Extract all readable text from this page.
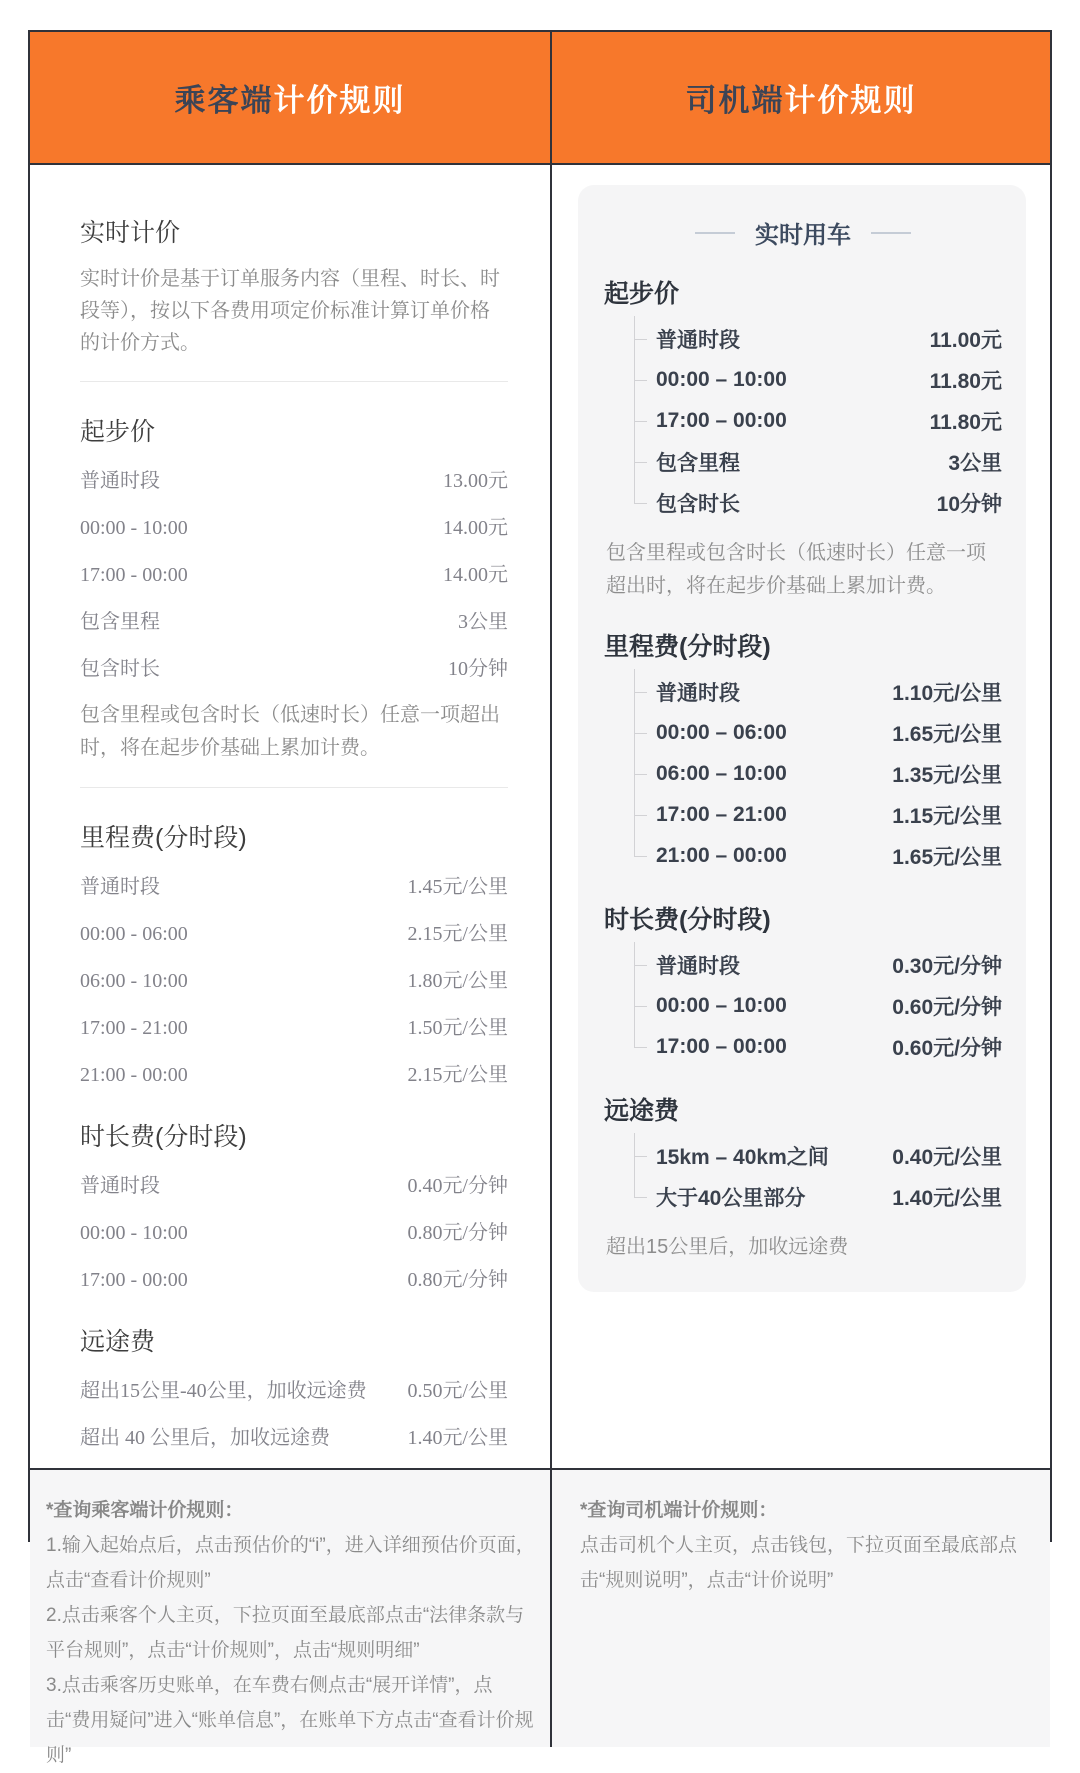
乘客端计价规则	司机端计价规则
实时计价

实时计价是基于订单服务内容（里程、时长、时段等），按以下各费用项定价标准计算订单价格的计价方式。

起步价
普通时段	13.00元
00:00 - 10:00	14.00元
17:00 - 00:00	14.00元
包含里程	3公里
包含时长	10分钟

包含里程或包含时长（低速时长）任意一项超出时，将在起步价基础上累加计费。

里程费(分时段)
普通时段	1.45元/公里
00:00 - 06:00	2.15元/公里
06:00 - 10:00	1.80元/公里
17:00 - 21:00	1.50元/公里
21:00 - 00:00	2.15元/公里
时长费(分时段)
普通时段	0.40元/分钟
00:00 - 10:00	0.80元/分钟
17:00 - 00:00	0.80元/分钟
远途费
超出15公里-40公里，加收远途费 0.50元/公里
超出 40 公里后，加收远途费	1.40元/公里
实时用车
起步价
普通时段	11.00元
00:00 – 10:00	11.80元
17:00 – 00:00	11.80元
包含里程	3公里
包含时长	10分钟

包含里程或包含时长（低速时长）任意一项超出时，将在起步价基础上累加计费。

里程费(分时段)
普通时段	1.10元/公里
00:00 – 06:00	1.65元/公里
06:00 – 10:00	1.35元/公里
17:00 – 21:00	1.15元/公里
21:00 – 00:00	1.65元/公里
时长费(分时段)
普通时段	0.30元/分钟
00:00 – 10:00	0.60元/分钟
17:00 – 00:00	0.60元/分钟
远途费
15km – 40km之间	0.40元/公里
大于40公里部分	1.40元/公里

超出15公里后，加收远途费

*查询乘客端计价规则：

1.输入起始点后，点击预估价的“i”，进入详细预估价页面，点击“查看计价规则”

2.点击乘客个人主页，下拉页面至最底部点击“法律条款与平台规则”，点击“计价规则”，点击“规则明细”

3.点击乘客历史账单，在车费右侧点击“展开详情”，点击“费用疑问”进入“账单信息”，在账单下方点击“查看计价规则”

*查询司机端计价规则：

点击司机个人主页，点击钱包，下拉页面至最底部点击“规则说明”，点击“计价说明”
